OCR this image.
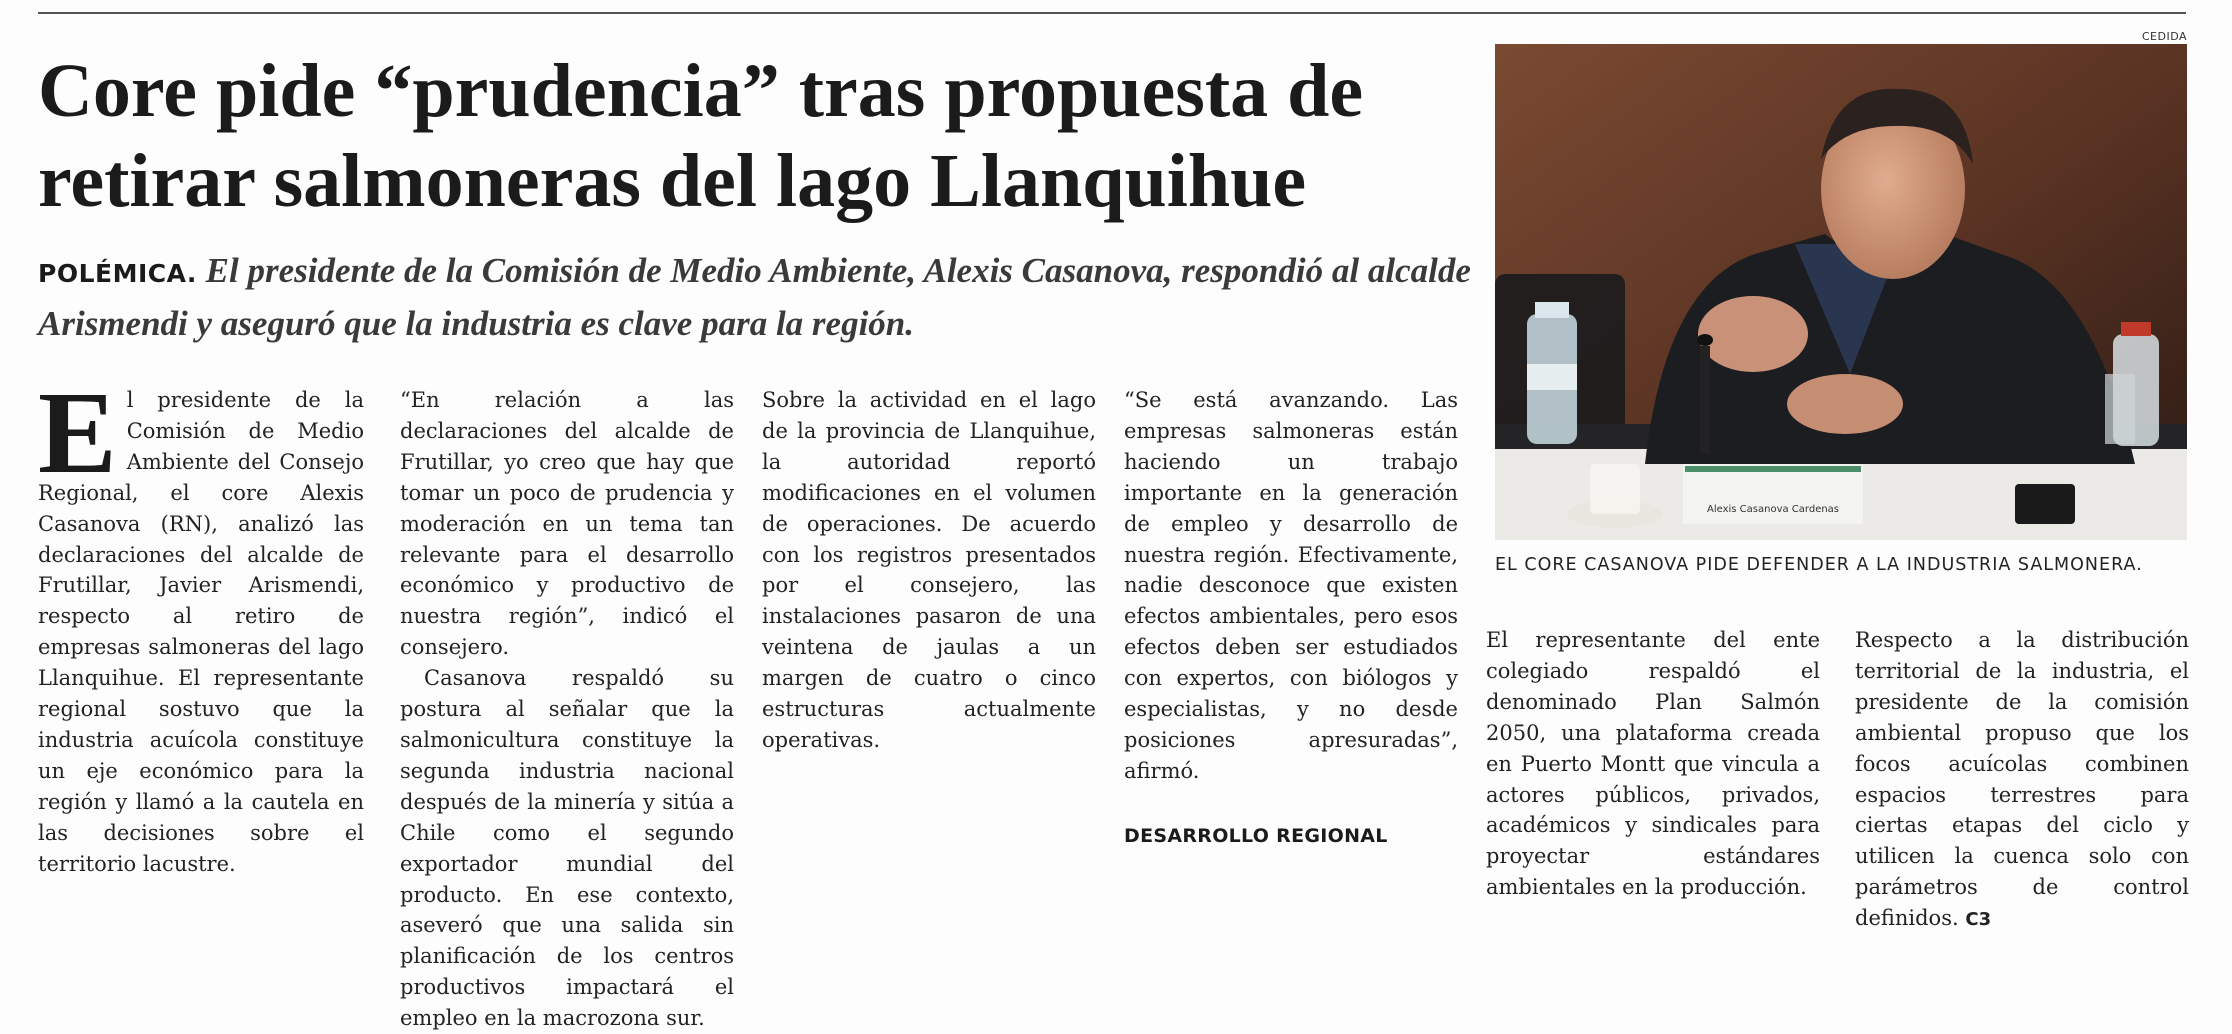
CEDIDA
Core pide “prudencia” tras propuesta de retirar salmoneras del lago Llanquihue

POLÉMICA. El presidente de la Comisión de Medio Ambiente, Alexis Casanova, respondió al alcalde Arismendi y aseguró que la industria es clave para la región.

El presidente de la Comisión de Medio Ambiente del Consejo Regional, el core Alexis Casanova (RN), analizó las declaraciones del alcalde de Frutillar, Javier Arismendi, respecto al retiro de empresas salmoneras del lago Llanquihue. El representante regional sostuvo que la industria acuícola constituye un eje económico para la región y llamó a la cautela en las decisiones sobre el territorio lacustre.

“En relación a las declaraciones del alcalde de Frutillar, yo creo que hay que tomar un poco de prudencia y moderación en un tema tan relevante para el desarrollo económico y productivo de nuestra región”, indicó el consejero.

Casanova respaldó su postura al señalar que la salmonicultura constituye la segunda industria nacional después de la minería y sitúa a Chile como el segundo exportador mundial del producto. En ese contexto, aseveró que una salida sin planificación de los centros productivos impactará el empleo en la macrozona sur.

Sobre la actividad en el lago de la provincia de Llanquihue, la autoridad reportó modificaciones en el volumen de operaciones. De acuerdo con los registros presentados por el consejero, las instalaciones pasaron de una veintena de jaulas a un margen de cuatro o cinco estructuras actualmente operativas.

“Se está avanzando. Las empresas salmoneras están haciendo un trabajo importante en la generación de empleo y desarrollo de nuestra región. Efectivamente, nadie desconoce que existen efectos ambientales, pero esos efectos deben ser estudiados con expertos, con biólogos y especialistas, y no desde posiciones apresuradas”, afirmó.

DESARROLLO REGIONAL

El representante del ente colegiado respaldó el denominado Plan Salmón 2050, una plataforma creada en Puerto Montt que vincula a actores públicos, privados, académicos y sindicales para proyectar estándares ambientales en la producción.

Respecto a la distribución territorial de la industria, el presidente de la comisión ambiental propuso que los focos acuícolas combinen espacios terrestres para ciertas etapas del ciclo y utilicen la cuenca solo con parámetros de control definidos. C3

Alexis Casanova Cardenas
EL CORE CASANOVA PIDE DEFENDER A LA INDUSTRIA SALMONERA.
